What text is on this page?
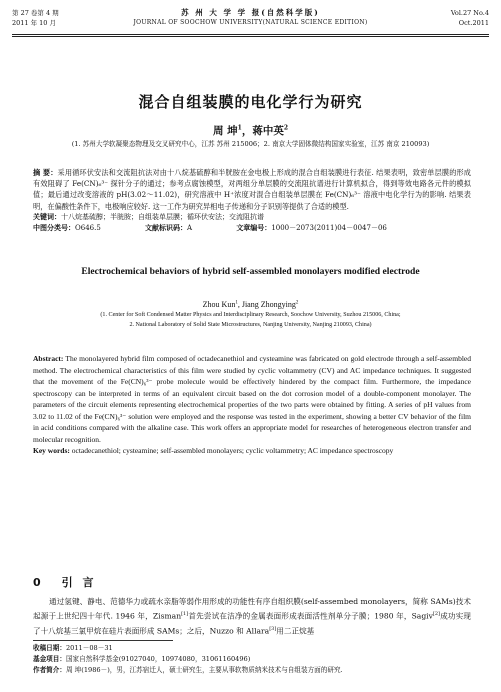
第 27 卷第 4 期
2011 年 10 月
苏 州 大 学 学 报(自然科学版)
JOURNAL OF SOOCHOW UNIVERSITY(NATURAL SCIENCE EDITION)
Vol.27 No.4
Oct.2011
混合自组装膜的电化学行为研究
周 坤$^1$，蒋中英$^2$
(1. 苏州大学软凝聚态物理及交叉研究中心，江苏 苏州 215006；2. 南京大学固体微结构国家实验室，江苏 南京 210093)
摘 要：采用循环伏安法和交流阻抗法对由十八烷基硫醇和半胱胺在金电极上形成的混合自组装膜进行表征. 结果表明，致密单层膜的形成有效阻碍了 Fe(CN)₆³⁻ 探针分子的通过；参考点腐蚀模型，对两组分单层膜的交流阻抗谱进行计算机拟合，得到等效电路各元件的模拟值；最后通过改变溶液的 pH(3.02～11.02)，研究溶液中 H⁺浓度对混合自组装单层膜在 Fe(CN)₆³⁻ 溶液中电化学行为的影响. 结果表明，在偏酸性条件下，电极响应较好. 这一工作为研究异相电子传递和分子识别等提供了合适的模型.
关键词：十八烷基硫醇；半胱胺；自组装单层膜；循环伏安法；交流阻抗谱
中图分类号：O646.5	文献标识码：A	文章编号：1000－2073(2011)04－0047－06
Electrochemical behaviors of hybrid self-assembled monolayers modified electrode
Zhou Kun$^1$, Jiang Zhongying$^2$
(1. Center for Soft Condensed Matter Physics and Interdisciplinary Research, Soochow University, Suzhou 215006, China;
2. National Laboratory of Solid State Microstructures, Nanjing University, Nanjing 210093, China)
Abstract: The monolayered hybrid film composed of octadecanethiol and cysteamine was fabricated on gold electrode through a self-assembled method. The electrochemical characteristics of this film were studied by cyclic voltammetry (CV) and AC impedance techniques. It suggested that the movement of the Fe(CN)₆³⁻ probe molecule would be effectively hindered by the compact film. Furthermore, the impedance spectroscopy can be interpreted in terms of an equivalent circuit based on the dot corrosion model of a double-component monolayer. The parameters of the circuit elements representing electrochemical properties of the two parts were obtained by fitting. A series of pH values from 3.02 to 11.02 of the Fe(CN)₆³⁻ solution were employed and the response was tested in the experiment, showing a better CV behavior of the film in acid conditions compared with the alkaline case. This work offers an appropriate model for researches of heterogeneous electron transfer and molecular recognition.
Key words: octadecanethiol; cysteamine; self-assembled monolayers; cyclic voltammetry; AC impedance spectroscopy
0 引 言
通过氢键、静电、范德华力或疏水亲脂等弱作用形成的功能性有序自组织膜(self-assembed monolayers，简称 SAMs)技术起源于上世纪四十年代. 1946 年，Zisman[1]首先尝试在洁净的金属表面形成表面活性剂单分子膜；1980 年，Sagiv[2]成功实现了十八烷基三氯甲烷在硅片表面形成 SAMs；之后，Nuzzo 和 Allara[3]用二正烷基
收稿日期：2011－08－31
基金项目：国家自然科学基金(91027040，10974080，31061160496)
作者简介：周 坤(1986－)，男，江苏宿迁人，硕士研究生，主要从事软物质纳米技术与自组装方面的研究.
